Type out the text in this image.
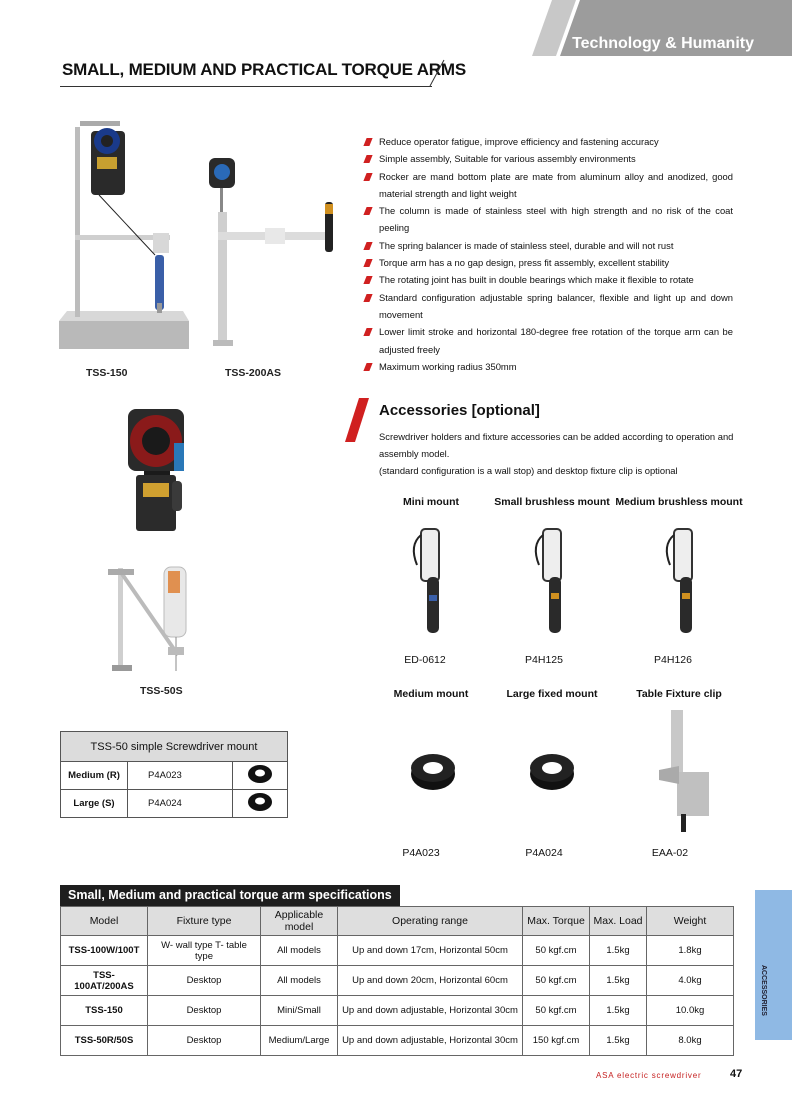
Technology & Humanity
SMALL, MEDIUM AND PRACTICAL TORQUE ARMS
TSS-150	TSS-200AS
TSS-50S
Reduce operator fatigue, improve efficiency and fastening accuracy
Simple assembly, Suitable for various assembly environments
Rocker are mand bottom plate are mate from aluminum alloy and anodized, good material strength and light weight
The column is made of stainless steel with high strength and no risk of the coat peeling
The spring balancer is made of stainless steel, durable and will not rust
Torque arm has a no gap design, press fit assembly, excellent stability
The rotating joint has built in double bearings which make it flexible to rotate
Standard configuration adjustable spring balancer, flexible and light up and down movement
Lower limit stroke and horizontal 180-degree free rotation of the torque arm can be adjusted freely
Maximum working radius 350mm
Accessories [optional]
Screwdriver holders and fixture accessories can be added according to operation and assembly model.
(standard configuration is a wall stop) and desktop fixture clip is optional
Mini mount	Small brushless mount Medium brushless mount
ED-0612	P4H125	P4H126
Medium mount	Large fixed mount	Table Fixture clip
P4A023	P4A024	EAA-02
TSS-50 simple Screwdriver mount		
Medium (R)	P4A023	
Large (S)	P4A024	
Small, Medium and practical torque arm specifications
Model	Fixture type	Applicable model	Operating range	Max. Torque	Max. Load	Weight
TSS-100W/100T	W- wall type T- table type	All models	Up and down 17cm, Horizontal 50cm	50 kgf.cm	1.5kg	1.8kg
TSS-100AT/200AS	Desktop	All models	Up and down 20cm, Horizontal 60cm	50 kgf.cm	1.5kg	4.0kg
TSS-150	Desktop	Mini/Small	Up and down adjustable, Horizontal 30cm	50 kgf.cm	1.5kg	10.0kg
TSS-50R/50S	Desktop	Medium/Large	Up and down adjustable, Horizontal 30cm	150 kgf.cm	1.5kg	8.0kg
ACCESSORIES
ASA electric screwdriver	47
